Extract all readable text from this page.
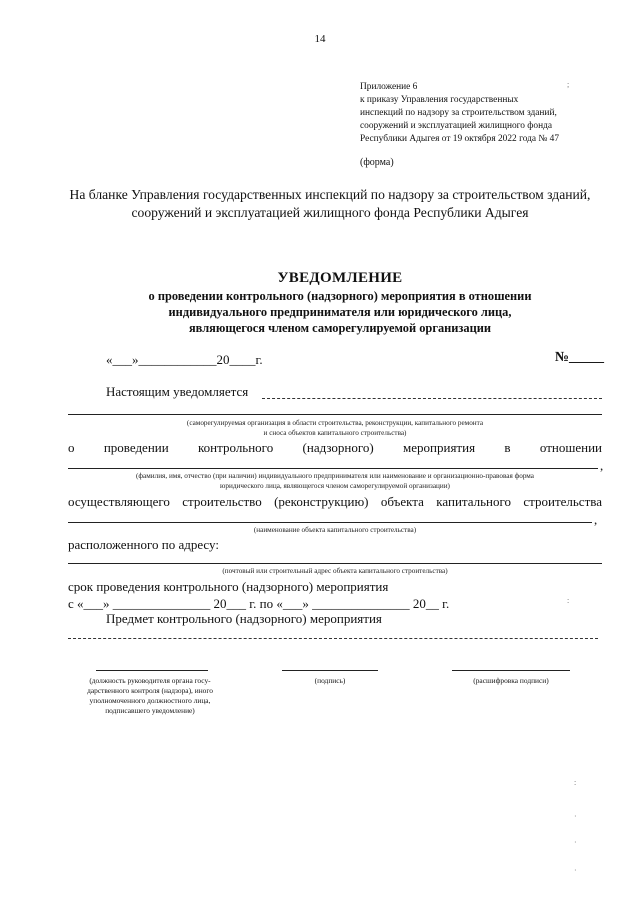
14
Приложение 6
к приказу Управления государственных
инспекций по надзору за строительством зданий,
сооружений и эксплуатацией жилищного фонда
Республики Адыгея от 19 октября 2022 года № 47
(форма)
На бланке Управления государственных инспекций по надзору за строительством зданий,
сооружений и эксплуатацией жилищного фонда Республики Адыгея
УВЕДОМЛЕНИЕ
о проведении контрольного (надзорного) мероприятия в отношении
индивидуального предпринимателя или юридического лица,
являющегося членом саморегулируемой организации
«___»____________20____г.	№_____
Настоящим уведомляется
(саморегулируемая организация в области строительства, реконструкции, капитального ремонта
и сноса объектов капитального строительства)
о проведении контрольного (надзорного) мероприятия в отношении
,
(фамилия, имя, отчество (при наличии) индивидуального предпринимателя или наименование и организационно-правовая форма
юридического лица, являющегося членом саморегулируемой организации)
осуществляющего строительство (реконструкцию) объекта капитального строительства
,
(наименование объекта капитального строительства)
расположенного по адресу:
(почтовый или строительный адрес объекта капитального строительства)
срок проведения контрольного (надзорного) мероприятия
с «___» _______________ 20___ г. по «___» _______________ 20__ г.
Предмет контрольного (надзорного) мероприятия
(должность руководителя органа госу-
дарственного контроля (надзора), иного
уполномоченного должностного лица,
подписавшего уведомление)
(подпись)	(расшифровка подписи)
;
:
:
·
·
·
